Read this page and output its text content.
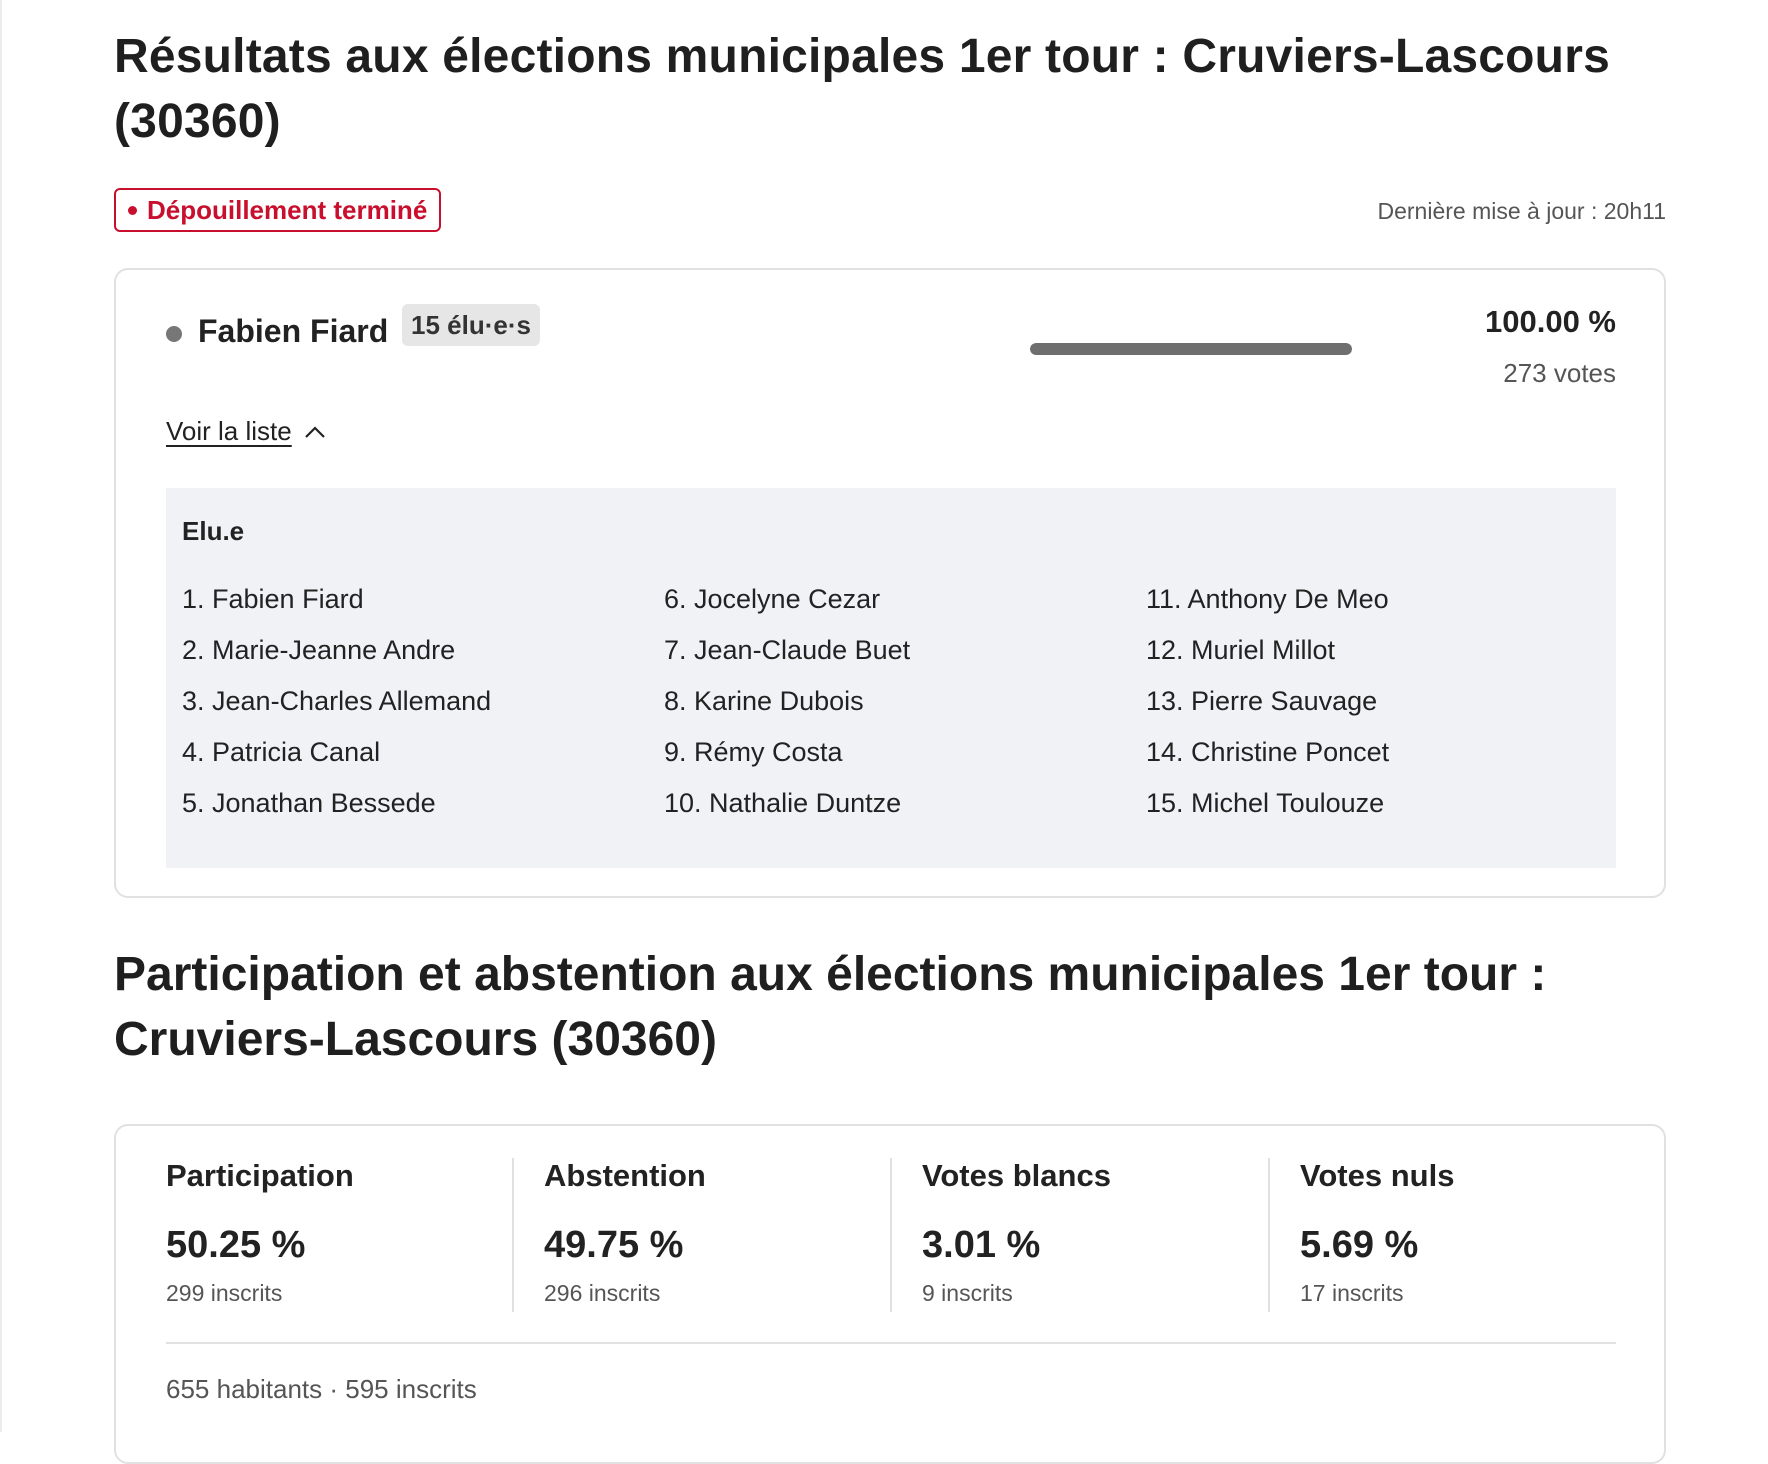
Résultats aux élections municipales 1er tour : Cruviers-Lascours (30360)
Dépouillement terminé	Dernière mise à jour : 20h11
Fabien Fiard 15 élu·e·s	100.00 %
273 votes
Voir la liste
Elu.e
1. Fabien Fiard
2. Marie-Jeanne Andre
3. Jean-Charles Allemand
4. Patricia Canal
5. Jonathan Bessede
6. Jocelyne Cezar
7. Jean-Claude Buet
8. Karine Dubois
9. Rémy Costa
10. Nathalie Duntze
11. Anthony De Meo
12. Muriel Millot
13. Pierre Sauvage
14. Christine Poncet
15. Michel Toulouze
Participation et abstention aux élections municipales 1er tour : Cruviers-Lascours (30360)
Participation
50.25 %
299 inscrits
Abstention
49.75 %
296 inscrits
Votes blancs
3.01 %
9 inscrits
Votes nuls
5.69 %
17 inscrits
655 habitants · 595 inscrits
